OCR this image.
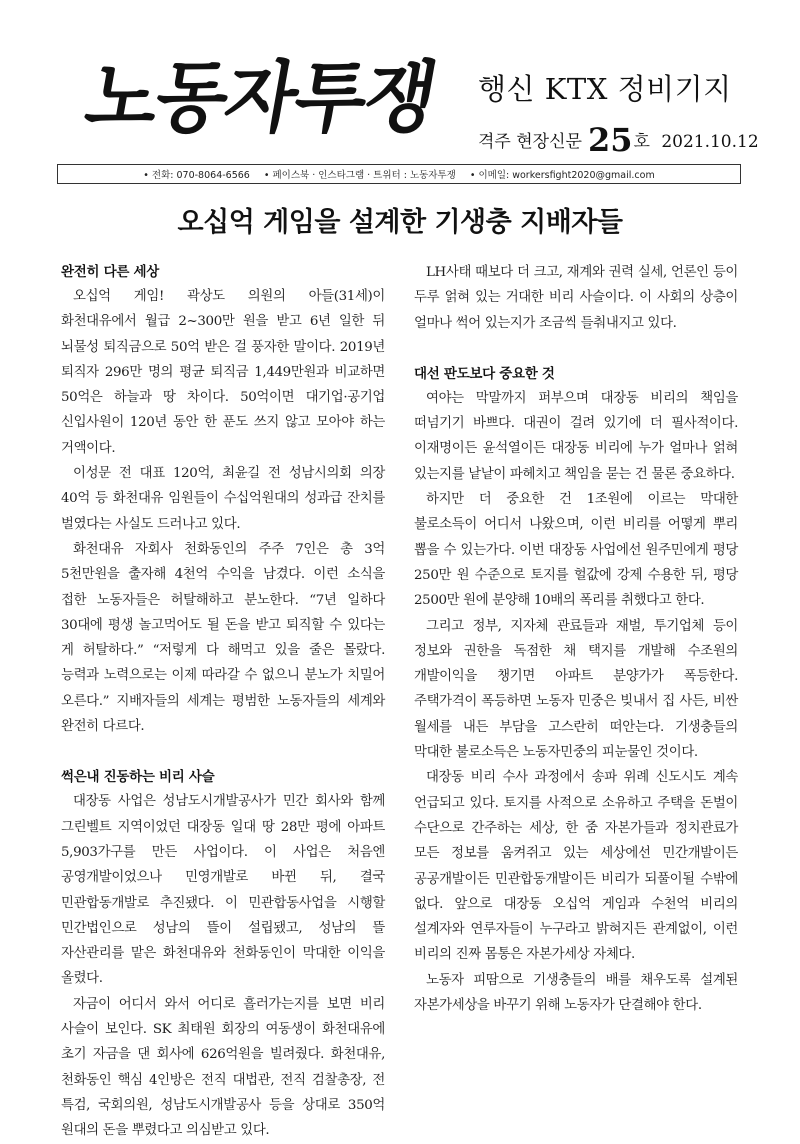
노동자투쟁 행신 KTX 정비기지
격주 현장신문 25호 2021.10.12
• 전화: 070-8064-6566	• 페이스북 · 인스타그램 · 트위터 : 노동자투쟁	• 이메일: workersfight2020@gmail.com
오십억 게임을 설계한 기생충 지배자들
완전히 다른 세상

오십억 게임! 곽상도 의원의 아들(31세)이 화천대유에서 월급 2~300만 원을 받고 6년 일한 뒤 뇌물성 퇴직금으로 50억 받은 걸 풍자한 말이다. 2019년 퇴직자 296만 명의 평균 퇴직금 1,449만원과 비교하면 50억은 하늘과 땅 차이다. 50억이면 대기업·공기업 신입사원이 120년 동안 한 푼도 쓰지 않고 모아야 하는 거액이다.

이성문 전 대표 120억, 최윤길 전 성남시의회 의장 40억 등 화천대유 임원들이 수십억원대의 성과급 잔치를 벌였다는 사실도 드러나고 있다.

화천대유 자회사 천화동인의 주주 7인은 총 3억 5천만원을 출자해 4천억 수익을 남겼다. 이런 소식을 접한 노동자들은 허탈해하고 분노한다. “7년 일하다 30대에 평생 놀고먹어도 될 돈을 받고 퇴직할 수 있다는 게 허탈하다.” “저렇게 다 해먹고 있을 줄은 몰랐다. 능력과 노력으로는 이제 따라갈 수 없으니 분노가 치밀어 오른다.” 지배자들의 세계는 평범한 노동자들의 세계와 완전히 다르다.

썩은내 진동하는 비리 사슬

대장동 사업은 성남도시개발공사가 민간 회사와 함께 그린벨트 지역이었던 대장동 일대 땅 28만 평에 아파트 5,903가구를 만든 사업이다. 이 사업은 처음엔 공영개발이었으나 민영개발로 바뀐 뒤, 결국 민관합동개발로 추진됐다. 이 민관합동사업을 시행할 민간법인으로 성남의 뜰이 설립됐고, 성남의 뜰 자산관리를 맡은 화천대유와 천화동인이 막대한 이익을 올렸다.

자금이 어디서 와서 어디로 흘러가는지를 보면 비리 사슬이 보인다. SK 최태원 회장의 여동생이 화천대유에 초기 자금을 댄 회사에 626억원을 빌려줬다. 화천대유, 천화동인 핵심 4인방은 전직 대법관, 전직 검찰총장, 전 특검, 국회의원, 성남도시개발공사 등을 상대로 350억 원대의 돈을 뿌렸다고 의심받고 있다.

LH사태 때보다 더 크고, 재계와 권력 실세, 언론인 등이 두루 얽혀 있는 거대한 비리 사슬이다. 이 사회의 상층이 얼마나 썩어 있는지가 조금씩 들춰내지고 있다.

대선 판도보다 중요한 것

여야는 막말까지 퍼부으며 대장동 비리의 책임을 떠넘기기 바쁘다. 대권이 걸려 있기에 더 필사적이다. 이재명이든 윤석열이든 대장동 비리에 누가 얼마나 얽혀 있는지를 낱낱이 파헤치고 책임을 묻는 건 물론 중요하다.

하지만 더 중요한 건 1조원에 이르는 막대한 불로소득이 어디서 나왔으며, 이런 비리를 어떻게 뿌리 뽑을 수 있는가다. 이번 대장동 사업에선 원주민에게 평당 250만 원 수준으로 토지를 헐값에 강제 수용한 뒤, 평당 2500만 원에 분양해 10배의 폭리를 취했다고 한다.

그리고 정부, 지자체 관료들과 재벌, 투기업체 등이 정보와 권한을 독점한 채 택지를 개발해 수조원의 개발이익을 챙기면 아파트 분양가가 폭등한다. 주택가격이 폭등하면 노동자 민중은 빚내서 집 사든, 비싼 월세를 내든 부담을 고스란히 떠안는다. 기생충들의 막대한 불로소득은 노동자민중의 피눈물인 것이다.

대장동 비리 수사 과정에서 송파 위례 신도시도 계속 언급되고 있다. 토지를 사적으로 소유하고 주택을 돈벌이 수단으로 간주하는 세상, 한 줌 자본가들과 정치관료가 모든 정보를 움켜쥐고 있는 세상에선 민간개발이든 공공개발이든 민관합동개발이든 비리가 되풀이될 수밖에 없다. 앞으로 대장동 오십억 게임과 수천억 비리의 설계자와 연루자들이 누구라고 밝혀지든 관계없이, 이런 비리의 진짜 몸통은 자본가세상 자체다.

노동자 피땀으로 기생충들의 배를 채우도록 설계된 자본가세상을 바꾸기 위해 노동자가 단결해야 한다.
